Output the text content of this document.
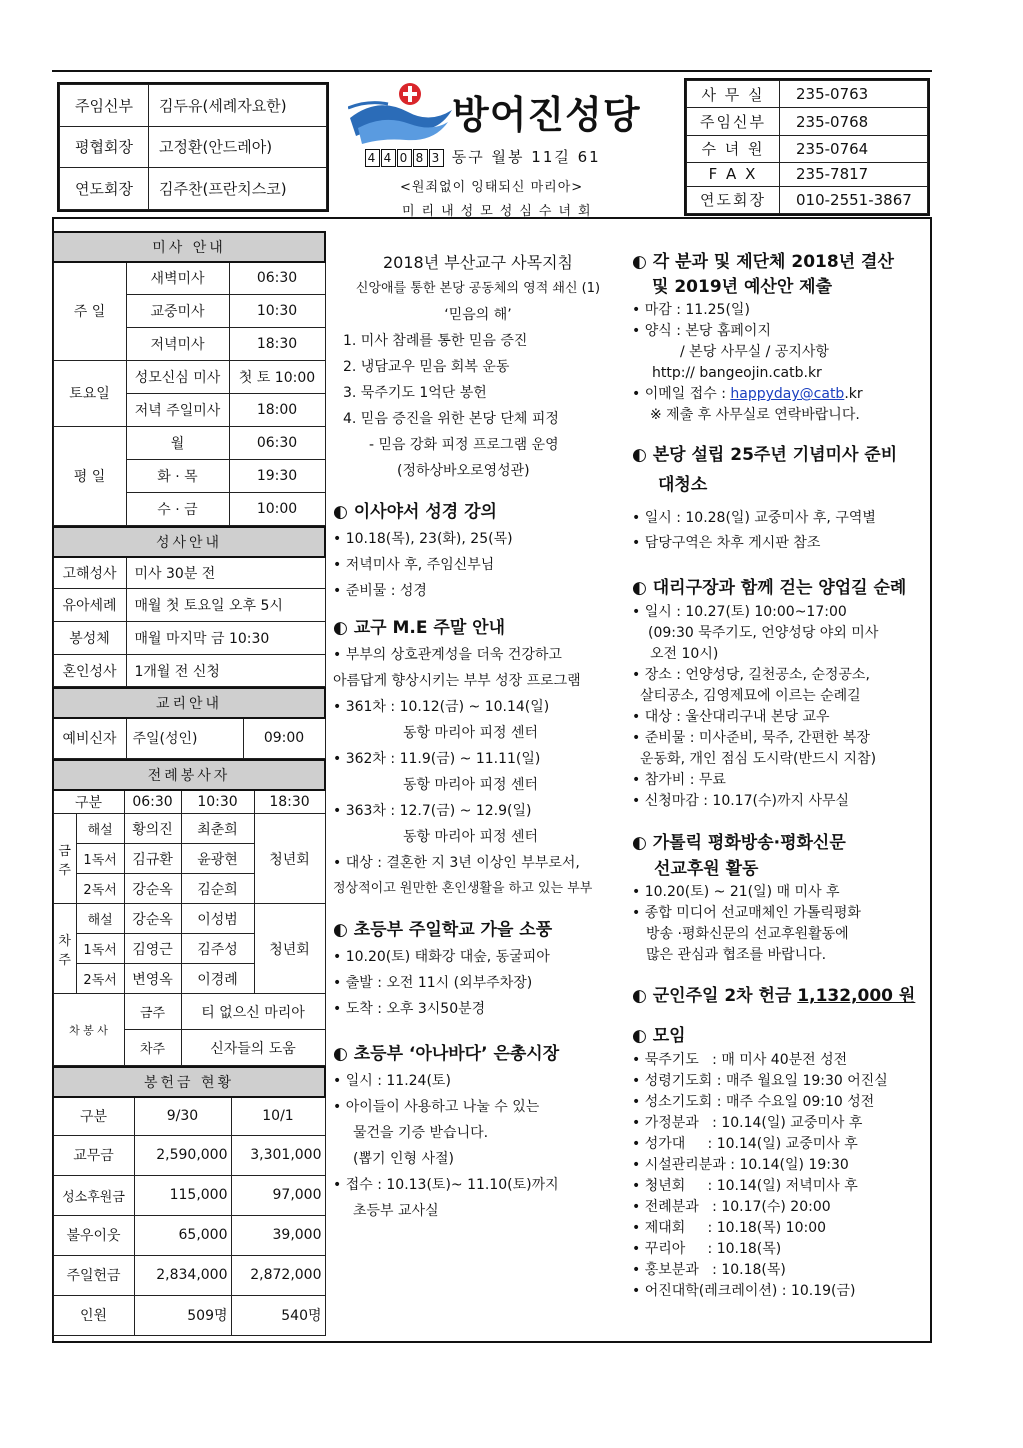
주임신부	김두유(세례자요한)
평협회장	고정환(안드레아)
연도회장	김주찬(프란치스코)
방어진성당
4 4 0 8 3 동구 월봉 11길 61
<원죄없이 잉태되신 마리아>
미리내성모성심수녀회
사 무 실	235-0763
주임신부	235-0768
수 녀 원	235-0764
F A X	235-7817
연도회장	010-2551-3867
미사 안내		
주 일	새벽미사	06:30
	교중미사	10:30
	저녁미사	18:30
토요일	성모신심 미사	첫 토 10:00
	저녁 주일미사	18:00
평 일	월	06:30
	화 · 목	19:30
	수 · 금	10:00
성사안내	
고해성사	미사 30분 전
유아세례	매월 첫 토요일 오후 5시
봉성체	매월 마지막 금 10:30
혼인성사	1개월 전 신청
교리안내
예비신자	주일(성인)	09:00
전례봉사자				
구분		06:30	10:30	18:30
금주	해설	황의진	최춘희	청년회
	1독서	김규환	윤광현	
	2독서	강순옥	김순희	
차주	해설	강순옥	이성범	청년회
	1독서	김영근	김주성	
	2독서	변영옥	이경례	
차 봉 사		금주	티 없으신 마리아	
		차주	신자들의 도움	
봉헌금 현황		
구분	9/30	10/1
교무금	2,590,000	3,301,000
성소후원금	115,000	97,000
불우이웃	65,000	39,000
주일헌금	2,834,000	2,872,000
인원	509명	540명

2018년 부산교구 사목지침

신앙애를 통한 본당 공동체의 영적 쇄신 (1)

‘믿음의 해’

1. 미사 참례를 통한 믿음 증진

2. 냉담교우 믿음 회복 운동

3. 묵주기도 1억단 봉헌

4. 믿음 증진을 위한 본당 단체 피정

- 믿음 강화 피정 프로그램 운영

(정하상바오로영성관)

◐ 이사야서 성경 강의

• 10.18(목), 23(화), 25(목)

• 저녁미사 후, 주임신부님

• 준비물 : 성경

◐ 교구 M.E 주말 안내

• 부부의 상호관계성을 더욱 건강하고

아름답게 향상시키는 부부 성장 프로그램

• 361차 : 10.12(금) ~ 10.14(일)

동항 마리아 피정 센터

• 362차 : 11.9(금) ~ 11.11(일)

동항 마리아 피정 센터

• 363차 : 12.7(금) ~ 12.9(일)

동항 마리아 피정 센터

• 대상 : 결혼한 지 3년 이상인 부부로서,

정상적이고 원만한 혼인생활을 하고 있는 부부

◐ 초등부 주일학교 가을 소풍

• 10.20(토) 태화강 대숲, 동굴피아

• 출발 : 오전 11시 (외부주차장)

• 도착 : 오후 3시50분경

◐ 초등부 ‘아나바다’ 은총시장

• 일시 : 11.24(토)

• 아이들이 사용하고 나눌 수 있는

물건을 기증 받습니다.

(뽑기 인형 사절)

• 접수 : 10.13(토)~ 11.10(토)까지

초등부 교사실

◐ 각 분과 및 제단체 2018년 결산

및 2019년 예산안 제출

• 마감 : 11.25(일)

• 양식 : 본당 홈페이지

/ 본당 사무실 / 공지사항

http:// bangeojin.catb.kr

• 이메일 접수 : happyday@catb.kr

※ 제출 후 사무실로 연락바랍니다.

◐ 본당 설립 25주년 기념미사 준비

대청소

• 일시 : 10.28(일) 교중미사 후, 구역별

• 담당구역은 차후 게시판 참조

◐ 대리구장과 함께 걷는 양업길 순례

• 일시 : 10.27(토) 10:00~17:00

(09:30 묵주기도, 언양성당 야외 미사

오전 10시)

• 장소 : 언양성당, 길천공소, 순정공소,

살티공소, 김영제묘에 이르는 순례길

• 대상 : 울산대리구내 본당 교우

• 준비물 : 미사준비, 묵주, 간편한 복장

운동화, 개인 점심 도시락(반드시 지참)

• 참가비 : 무료

• 신청마감 : 10.17(수)까지 사무실

◐ 가톨릭 평화방송·평화신문

선교후원 활동

• 10.20(토) ~ 21(일) 매 미사 후

• 종합 미디어 선교매체인 가톨릭평화

방송 ·평화신문의 선교후원활동에

많은 관심과 협조를 바랍니다.

◐ 군인주일 2차 헌금 1,132,000 원

◐ 모임

• 묵주기도   : 매 미사 40분전 성전

• 성령기도회 : 매주 월요일 19:30 어진실

• 성소기도회 : 매주 수요일 09:10 성전

• 가정분과   : 10.14(일) 교중미사 후

• 성가대     : 10.14(일) 교중미사 후

• 시설관리분과 : 10.14(일) 19:30

• 청년회     : 10.14(일) 저녁미사 후

• 전례분과   : 10.17(수) 20:00

• 제대회     : 10.18(목) 10:00

• 꾸리아     : 10.18(목)

• 홍보분과   : 10.18(목)

• 어진대학(레크레이션) : 10.19(금)
